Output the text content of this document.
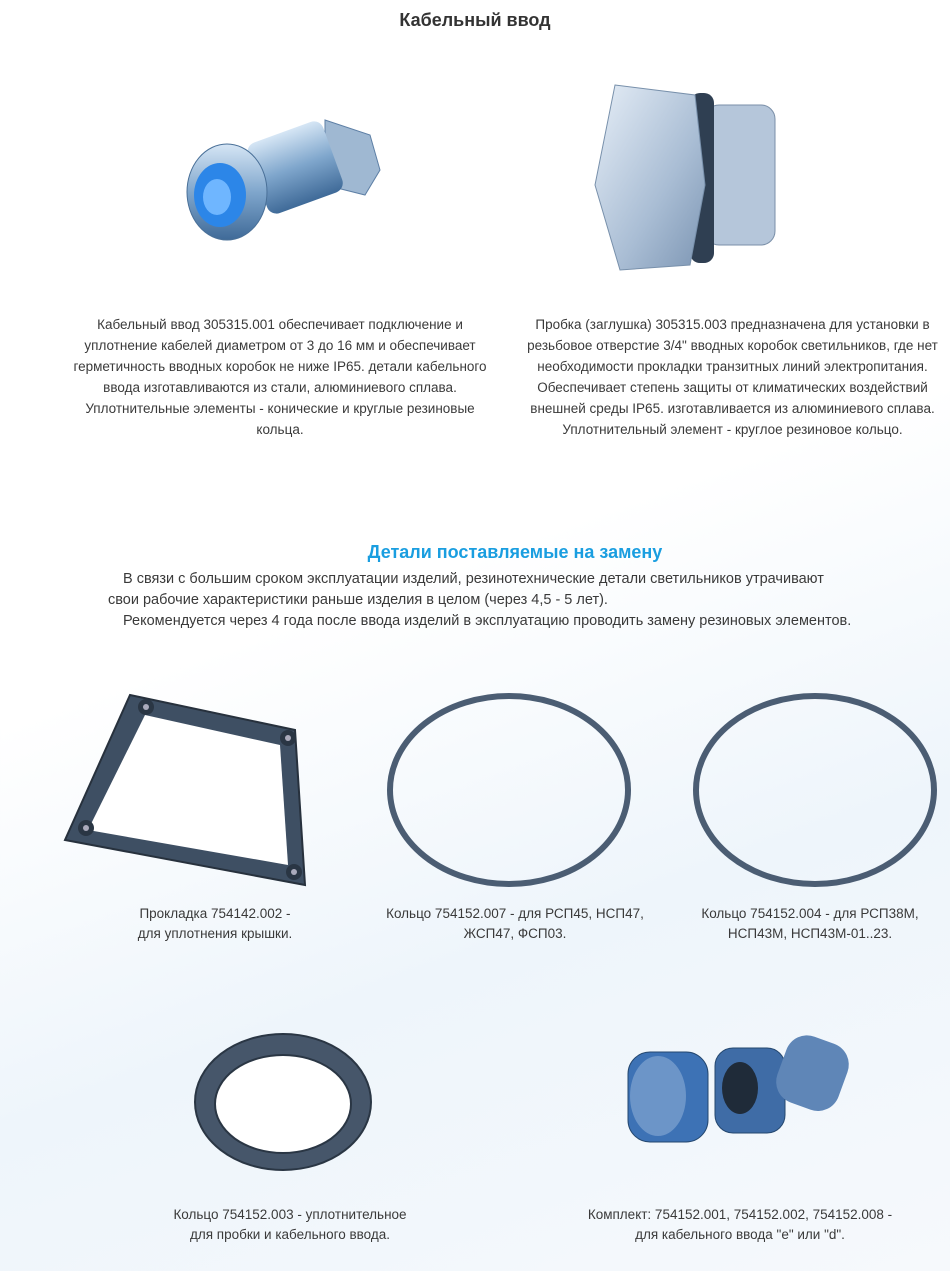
Кабельный ввод
Кабельный ввод 305315.001 обеспечивает подключение и
уплотнение кабелей диаметром от 3 до 16 мм и обеспечивает
герметичность вводных коробок не ниже IP65. детали кабельного
ввода изготавливаются из стали, алюминиевого сплава.
Уплотнительные элементы - конические и круглые резиновые
кольца.
Пробка (заглушка) 305315.003 предназначена для установки в
резьбовое отверстие 3/4" вводных коробок светильников, где нет
необходимости прокладки транзитных линий электропитания.
Обеспечивает степень защиты от климатических воздействий
внешней среды IP65. изготавливается из алюминиевого сплава.
Уплотнительный элемент - круглое резиновое кольцо.
Детали поставляемые на замену
В связи с большим сроком эксплуатации изделий, резинотехнические детали светильников утрачивают
свои рабочие характеристики раньше изделия в целом (через 4,5 - 5 лет).
Рекомендуется через 4 года после ввода изделий в эксплуатацию проводить замену резиновых элементов.
Прокладка 754142.002 -
для уплотнения крышки.
Кольцо 754152.007 - для РСП45, НСП47,
ЖСП47, ФСП03.
Кольцо 754152.004 - для РСП38М,
НСП43М, НСП43М-01..23.
Кольцо 754152.003 - уплотнительное
для пробки и кабельного ввода.
Комплект: 754152.001, 754152.002, 754152.008 -
для кабельного ввода "e" или "d".
